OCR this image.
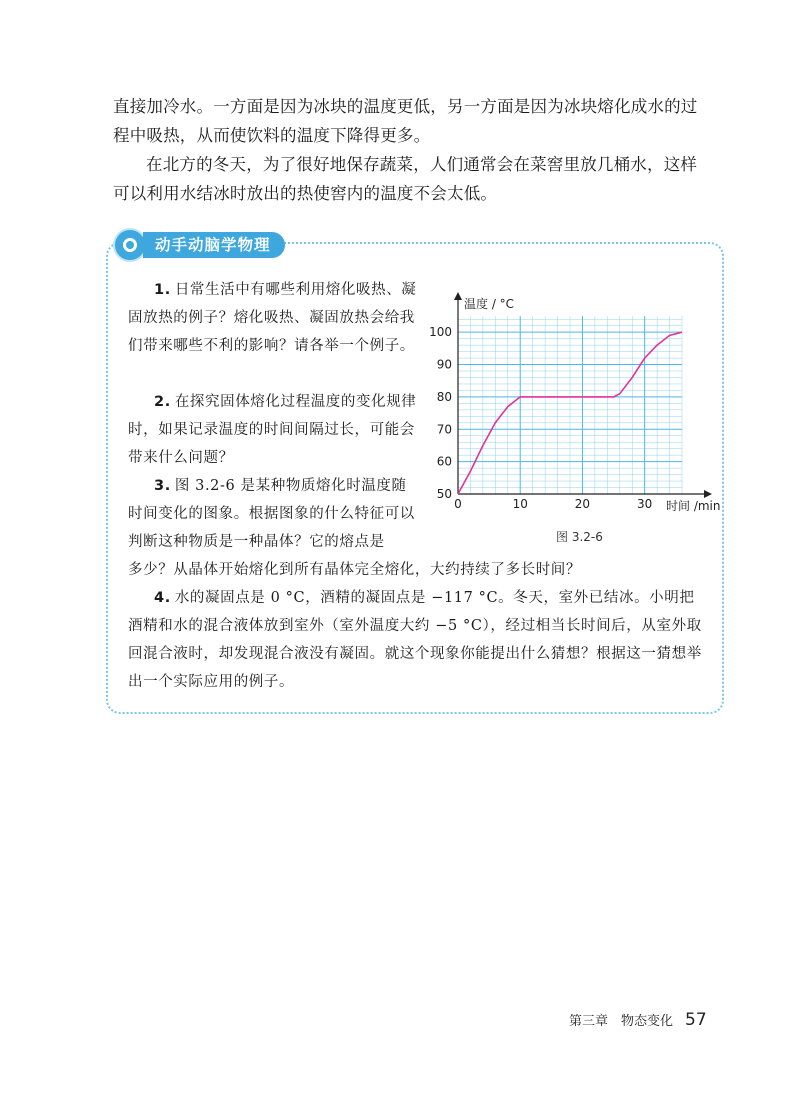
直接加冷水。一方面是因为冰块的温度更低，另一方面是因为冰块熔化成水的过程中吸热，从而使饮料的温度下降得更多。

在北方的冬天，为了很好地保存蔬菜，人们通常会在菜窖里放几桶水，这样可以利用水结冰时放出的热使窖内的温度不会太低。

动手动脑学物理

1. 日常生活中有哪些利用熔化吸热、凝固放热的例子？熔化吸热、凝固放热会给我们带来哪些不利的影响？请各举一个例子。

2. 在探究固体熔化过程温度的变化规律时，如果记录温度的时间间隔过长，可能会带来什么问题？

3. 图 3.2-6 是某种物质熔化时温度随时间变化的图象。根据图象的什么特征可以判断这种物质是一种晶体？它的熔点是

多少？从晶体开始熔化到所有晶体完全熔化，大约持续了多长时间？

4. 水的凝固点是 0 °C，酒精的凝固点是 −117 °C。冬天，室外已结冰。小明把酒精和水的混合液体放到室外（室外温度大约 −5 °C），经过相当长时间后，从室外取回混合液时，却发现混合液没有凝固。就这个现象你能提出什么猜想？根据这一猜想举出一个实际应用的例子。

0	10	20	30
50
60
70
80
90
100
时间 /min
温度 / °C
图 3.2-6
第三章　物态变化 57
